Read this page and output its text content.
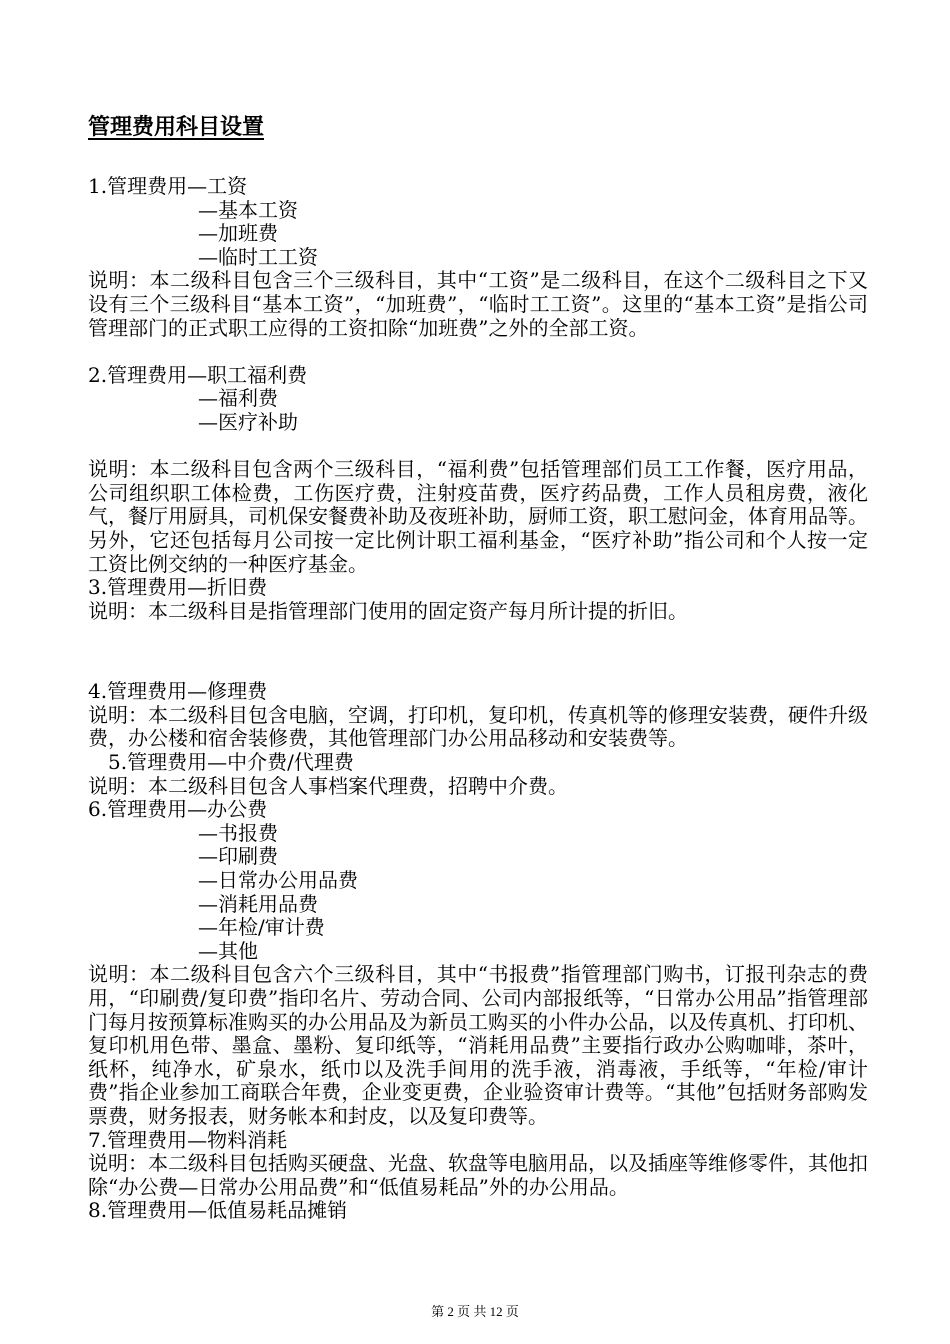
管理费用科目设置
1.管理费用—工资
—基本工资
—加班费
—临时工工资
说明：本二级科目包含三个三级科目，其中“工资”是二级科目，在这个二级科目之下又设有三个三级科目“基本工资”，“加班费”，“临时工工资”。这里的“基本工资”是指公司管理部门的正式职工应得的工资扣除“加班费”之外的全部工资。
2.管理费用—职工福利费
—福利费
—医疗补助
说明：本二级科目包含两个三级科目，“福利费”包括管理部们员工工作餐，医疗用品，公司组织职工体检费，工伤医疗费，注射疫苗费，医疗药品费，工作人员租房费，液化气，餐厅用厨具，司机保安餐费补助及夜班补助，厨师工资，职工慰问金，体育用品等。另外，它还包括每月公司按一定比例计职工福利基金，“医疗补助”指公司和个人按一定工资比例交纳的一种医疗基金。
3.管理费用—折旧费
说明：本二级科目是指管理部门使用的固定资产每月所计提的折旧。
4.管理费用—修理费
说明：本二级科目包含电脑，空调，打印机，复印机，传真机等的修理安装费，硬件升级费，办公楼和宿舍装修费，其他管理部门办公用品移动和安装费等。
5.管理费用—中介费/代理费
说明：本二级科目包含人事档案代理费，招聘中介费。
6.管理费用—办公费
—书报费
—印刷费
—日常办公用品费
—消耗用品费
—年检/审计费
—其他
说明：本二级科目包含六个三级科目，其中“书报费”指管理部门购书，订报刊杂志的费用，“印刷费/复印费”指印名片、劳动合同、公司内部报纸等，“日常办公用品”指管理部门每月按预算标准购买的办公用品及为新员工购买的小件办公品，以及传真机、打印机、复印机用色带、墨盒、墨粉、复印纸等，“消耗用品费”主要指行政办公购咖啡，茶叶，纸杯，纯净水，矿泉水，纸巾以及洗手间用的洗手液，消毒液，手纸等，“年检/审计费”指企业参加工商联合年费，企业变更费，企业验资审计费等。“其他”包括财务部购发票费，财务报表，财务帐本和封皮，以及复印费等。
7.管理费用—物料消耗
说明：本二级科目包括购买硬盘、光盘、软盘等电脑用品，以及插座等维修零件，其他扣除“办公费—日常办公用品费”和“低值易耗品”外的办公用品。
8.管理费用—低值易耗品摊销
第 2 页 共 12 页
